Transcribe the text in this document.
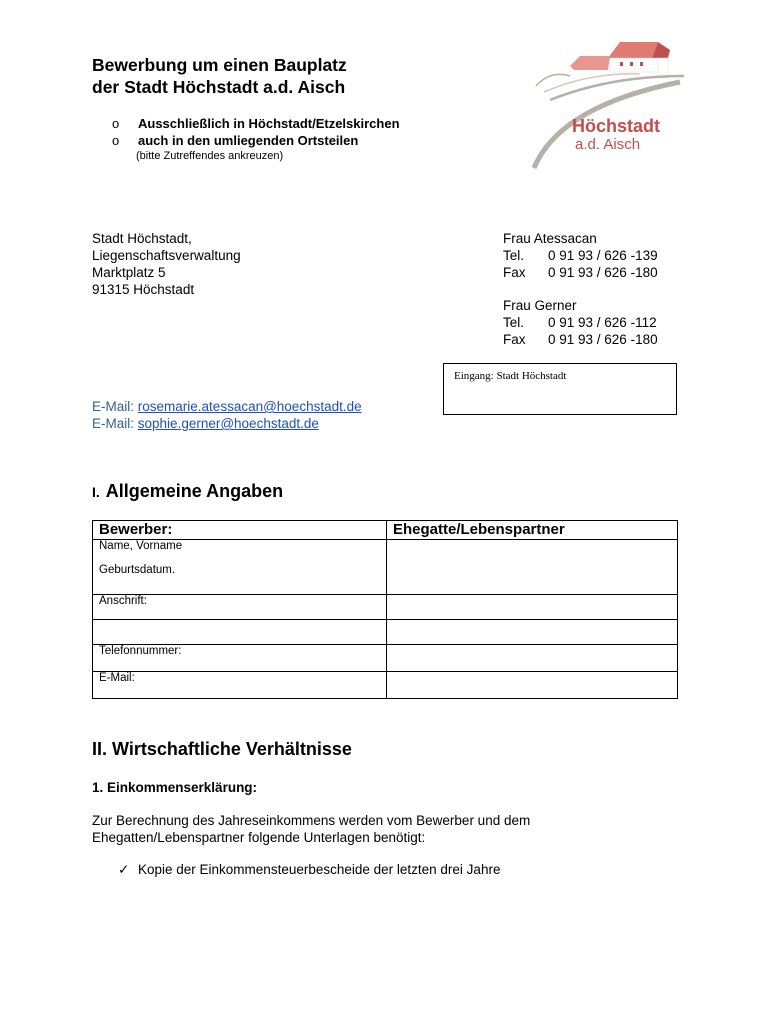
Bewerbung um einen Bauplatz
der Stadt Höchstadt a.d. Aisch
o	Ausschließlich in Höchstadt/Etzelskirchen
o	auch in den umliegenden Ortsteilen
(bitte Zutreffendes ankreuzen)
Höchstadt
a.d. Aisch
Stadt Höchstadt,
Liegenschaftsverwaltung
Marktplatz 5
91315 Höchstadt
Frau Atessacan
Tel.	0 91 93 / 626 -139
Fax	0 91 93 / 626 -180
Frau Gerner
Tel.	0 91 93 / 626 -112
Fax	0 91 93 / 626 -180
Eingang: Stadt Höchstadt
E-Mail: rosemarie.atessacan@hoechstadt.de
E-Mail: sophie.gerner@hoechstadt.de
I. Allgemeine Angaben
Bewerber:	Ehegatte/Lebenspartner

Name, Vorname
Geburtsdatum.	

Anschrift:	

Telefonnummer:	

E-Mail:	

II. Wirtschaftliche Verhältnisse
1. Einkommenserklärung:
Zur Berechnung des Jahreseinkommens werden vom Bewerber und dem
Ehegatten/Lebenspartner folgende Unterlagen benötigt:
✓ Kopie der Einkommensteuerbescheide der letzten drei Jahre
